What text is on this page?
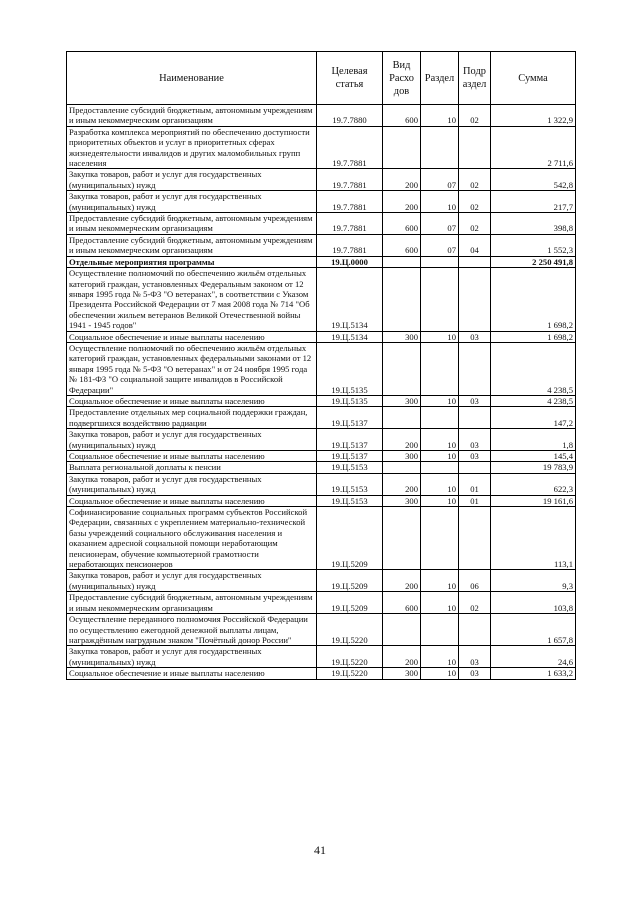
Наименование	Целевая статья	Вид Расхо дов	Раздел	Подр аздел	Сумма
Предоставление субсидий бюджетным, автономным учреждениям и иным некоммерческим организациям	19.7.7880	600	10	02	1 322,9
Разработка комплекса мероприятий по обеспечению доступности приоритетных объектов и услуг в приоритетных сферах жизнедеятельности инвалидов и других маломобильных групп населения	19.7.7881				2 711,6
Закупка товаров, работ и услуг для государственных (муниципальных) нужд	19.7.7881	200	07	02	542,8
Закупка товаров, работ и услуг для государственных (муниципальных) нужд	19.7.7881	200	10	02	217,7
Предоставление субсидий бюджетным, автономным учреждениям и иным некоммерческим организациям	19.7.7881	600	07	02	398,8
Предоставление субсидий бюджетным, автономным учреждениям и иным некоммерческим организациям	19.7.7881	600	07	04	1 552,3
Отдельные мероприятия программы	19.Ц.0000				2 250 491,8
Осуществление полномочий по обеспечению жильём отдельных категорий граждан, установленных Федеральным законом от 12 января 1995 года № 5-ФЗ "О ветеранах", в соответствии с Указом Президента Российской Федерации от 7 мая 2008 года № 714 "Об обеспечении жильем ветеранов Великой Отечественной войны 1941 - 1945 годов"	19.Ц.5134				1 698,2
Социальное обеспечение и иные выплаты населению	19.Ц.5134	300	10	03	1 698,2
Осуществление полномочий по обеспечению жильём отдельных категорий граждан, установленных федеральными законами от 12 января 1995 года № 5-ФЗ "О ветеранах" и от 24 ноября 1995 года № 181-ФЗ "О социальной защите инвалидов в Российской Федерации"	19.Ц.5135				4 238,5
Социальное обеспечение и иные выплаты населению	19.Ц.5135	300	10	03	4 238,5
Предоставление отдельных мер социальной поддержки граждан, подвергшихся воздействию радиации	19.Ц.5137				147,2
Закупка товаров, работ и услуг для государственных (муниципальных) нужд	19.Ц.5137	200	10	03	1,8
Социальное обеспечение и иные выплаты населению	19.Ц.5137	300	10	03	145,4
Выплата региональной доплаты к пенсии	19.Ц.5153				19 783,9
Закупка товаров, работ и услуг для государственных (муниципальных) нужд	19.Ц.5153	200	10	01	622,3
Социальное обеспечение и иные выплаты населению	19.Ц.5153	300	10	01	19 161,6
Софинансирование социальных программ субъектов Российской Федерации, связанных с укреплением материально-технической базы учреждений социального обслуживания населения и оказанием адресной социальной помощи неработающим пенсионерам, обучение компьютерной грамотности неработающих пенсионеров	19.Ц.5209				113,1
Закупка товаров, работ и услуг для государственных (муниципальных) нужд	19.Ц.5209	200	10	06	9,3
Предоставление субсидий бюджетным, автономным учреждениям и иным некоммерческим организациям	19.Ц.5209	600	10	02	103,8
Осуществление переданного полномочия Российской Федерации по осуществлению ежегодной денежной выплаты лицам, награждённым нагрудным знаком "Почётный донор России"	19.Ц.5220				1 657,8
Закупка товаров, работ и услуг для государственных (муниципальных) нужд	19.Ц.5220	200	10	03	24,6
Социальное обеспечение и иные выплаты населению	19.Ц.5220	300	10	03	1 633,2
41
